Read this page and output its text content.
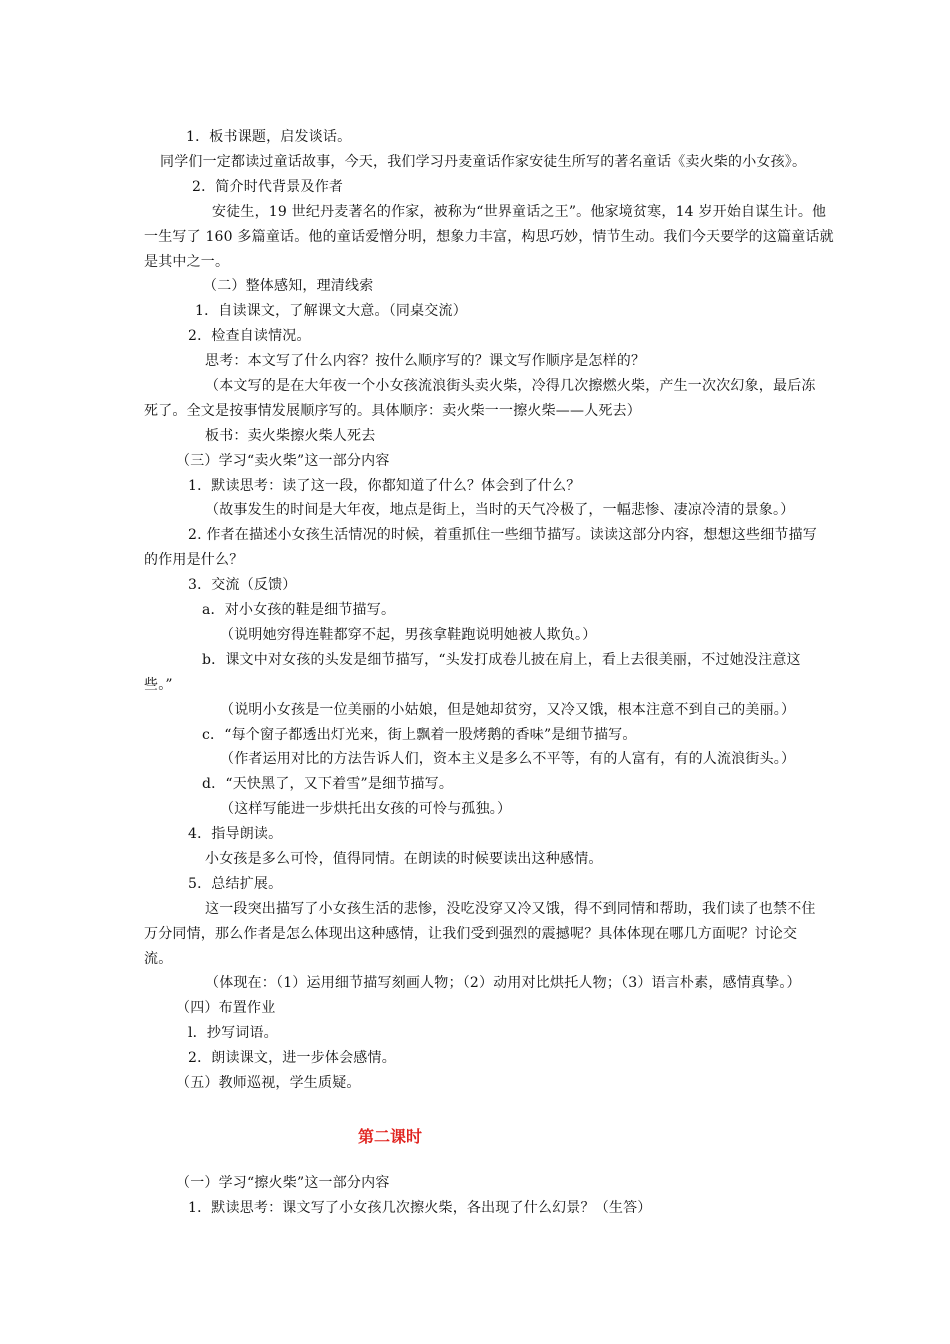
1．板书课题，启发谈话。
同学们一定都读过童话故事，今天，我们学习丹麦童话作家安徒生所写的著名童话《卖火柴的小女孩》。
2．简介时代背景及作者
安徒生，19 世纪丹麦著名的作家，被称为“世界童话之王”。他家境贫寒，14 岁开始自谋生计。他
一生写了 160 多篇童话。他的童话爱憎分明，想象力丰富，构思巧妙，情节生动。我们今天要学的这篇童话就
是其中之一。
（二）整体感知，理清线索
1．自读课文，了解课文大意。（同桌交流）
2．检查自读情况。
思考：本文写了什么内容？按什么顺序写的？课文写作顺序是怎样的？
（本文写的是在大年夜一个小女孩流浪街头卖火柴，冷得几次擦燃火柴，产生一次次幻象，最后冻
死了。全文是按事情发展顺序写的。具体顺序：卖火柴一一擦火柴——人死去）
板书：卖火柴擦火柴人死去
（三）学习“卖火柴”这一部分内容
1．默读思考：读了这一段，你都知道了什么？体会到了什么？
（故事发生的时间是大年夜，地点是街上，当时的天气冷极了，一幅悲惨、凄凉冷清的景象。）
2. 作者在描述小女孩生活情况的时候，着重抓住一些细节描写。读读这部分内容，想想这些细节描写
的作用是什么？
3．交流（反馈）
a．对小女孩的鞋是细节描写。
（说明她穷得连鞋都穿不起，男孩拿鞋跑说明她被人欺负。）
b．课文中对女孩的头发是细节描写，“头发打成卷儿披在肩上，看上去很美丽，不过她没注意这
些。”
（说明小女孩是一位美丽的小姑娘，但是她却贫穷，又冷又饿，根本注意不到自己的美丽。）
c．“每个窗子都透出灯光来，街上飘着一股烤鹅的香味”是细节描写。
（作者运用对比的方法告诉人们，资本主义是多么不平等，有的人富有，有的人流浪街头。）
d．“天快黑了，又下着雪”是细节描写。
（这样写能进一步烘托出女孩的可怜与孤独。）
4．指导朗读。
小女孩是多么可怜，值得同情。在朗读的时候要读出这种感情。
5．总结扩展。
这一段突出描写了小女孩生活的悲惨，没吃没穿又冷又饿，得不到同情和帮助，我们读了也禁不住
万分同情，那么作者是怎么体现出这种感情，让我们受到强烈的震撼呢？具体体现在哪几方面呢？讨论交
流。
（体现在：（1）运用细节描写刻画人物；（2）动用对比烘托人物；（3）语言朴素，感情真挚。）
（四）布置作业
l．抄写词语。
2．朗读课文，进一步体会感情。
（五）教师巡视，学生质疑。
第二课时
（一）学习“擦火柴”这一部分内容
1．默读思考：课文写了小女孩几次擦火柴，各出现了什么幻景？（生答）
